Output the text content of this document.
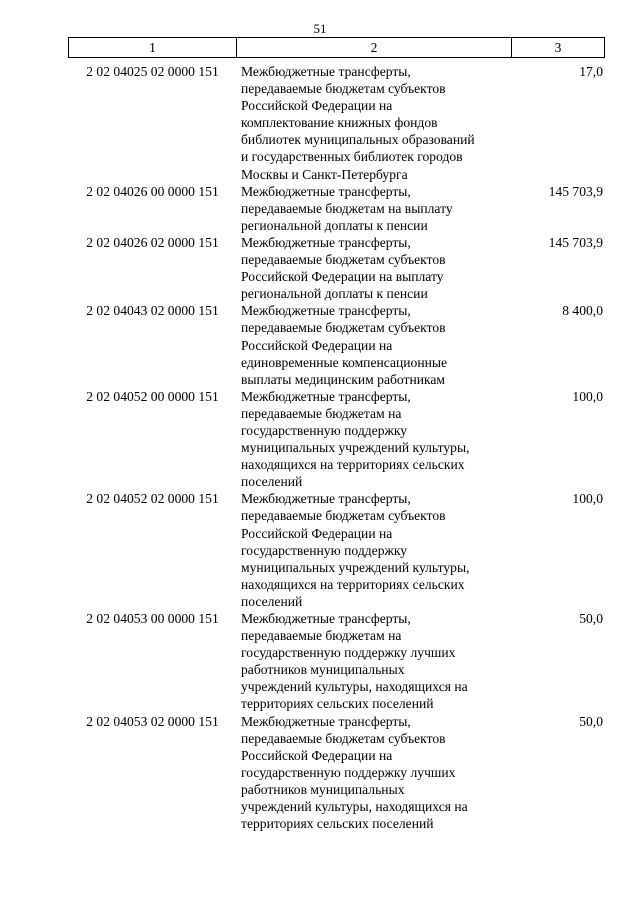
51
1	2	3
2 02 04025 02 0000 151	Межбюджетные трансферты,
передаваемые бюджетам субъектов
Российской Федерации на
комплектование книжных фондов
библиотек муниципальных образований
и государственных библиотек городов
Москвы и Санкт-Петербурга
17,0
2 02 04026 00 0000 151	Межбюджетные трансферты,
передаваемые бюджетам на выплату
региональной доплаты к пенсии
145 703,9
2 02 04026 02 0000 151	Межбюджетные трансферты,
передаваемые бюджетам субъектов
Российской Федерации на выплату
региональной доплаты к пенсии
145 703,9
2 02 04043 02 0000 151	Межбюджетные трансферты,
передаваемые бюджетам субъектов
Российской Федерации на
единовременные компенсационные
выплаты медицинским работникам
8 400,0
2 02 04052 00 0000 151	Межбюджетные трансферты,
передаваемые бюджетам на
государственную поддержку
муниципальных учреждений культуры,
находящихся на территориях сельских
поселений
100,0
2 02 04052 02 0000 151	Межбюджетные трансферты,
передаваемые бюджетам субъектов
Российской Федерации на
государственную поддержку
муниципальных учреждений культуры,
находящихся на территориях сельских
поселений
100,0
2 02 04053 00 0000 151	Межбюджетные трансферты,
передаваемые бюджетам на
государственную поддержку лучших
работников муниципальных
учреждений культуры, находящихся на
территориях сельских поселений
50,0
2 02 04053 02 0000 151	Межбюджетные трансферты,
передаваемые бюджетам субъектов
Российской Федерации на
государственную поддержку лучших
работников муниципальных
учреждений культуры, находящихся на
территориях сельских поселений
50,0
